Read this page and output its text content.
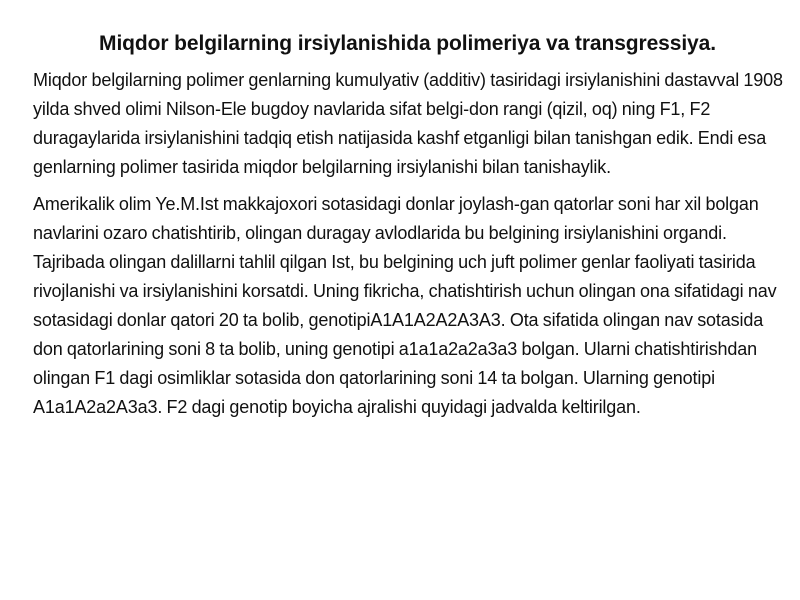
Miqdor belgilarning irsiylanishida polimeriya va transgressiya.

Miqdor belgilarning polimer genlarning kumulyativ (additiv) tasiridagi irsiylanishini dastavval 1908 yilda shved olimi Nilson-Ele bugdoy navlarida sifat belgi-don rangi (qizil, oq) ning F1, F2 duragaylarida irsiylanishini tadqiq etish natijasida kashf etganligi bilan tanishgan edik. Endi esa genlarning polimer tasirida miqdor belgilarning irsiylanishi bilan tanishaylik.

Amerikalik olim Ye.M.Ist makkajoxori sotasidagi donlar joylash-gan qatorlar soni har xil bolgan navlarini ozaro chatishtirib, olingan duragay avlodlarida bu belgining irsiylanishini organdi. Tajribada olingan dalillarni tahlil qilgan Ist, bu belgining uch juft polimer genlar faoliyati tasirida rivojlanishi va irsiylanishini korsatdi. Uning fikricha, chatishtirish uchun olingan ona sifatidagi nav sotasidagi donlar qatori 20 ta bolib, genotipiA1A1A2A2A3A3. Ota sifatida olingan nav sotasida don qatorlarining soni 8 ta bolib, uning genotipi a1a1a2a2a3a3 bolgan. Ularni chatishtirishdan olingan F1 dagi osimliklar sotasida don qatorlarining soni 14 ta bolgan. Ularning genotipi A1a1A2a2A3a3. F2 dagi genotip boyicha ajralishi quyidagi jadvalda keltirilgan.
